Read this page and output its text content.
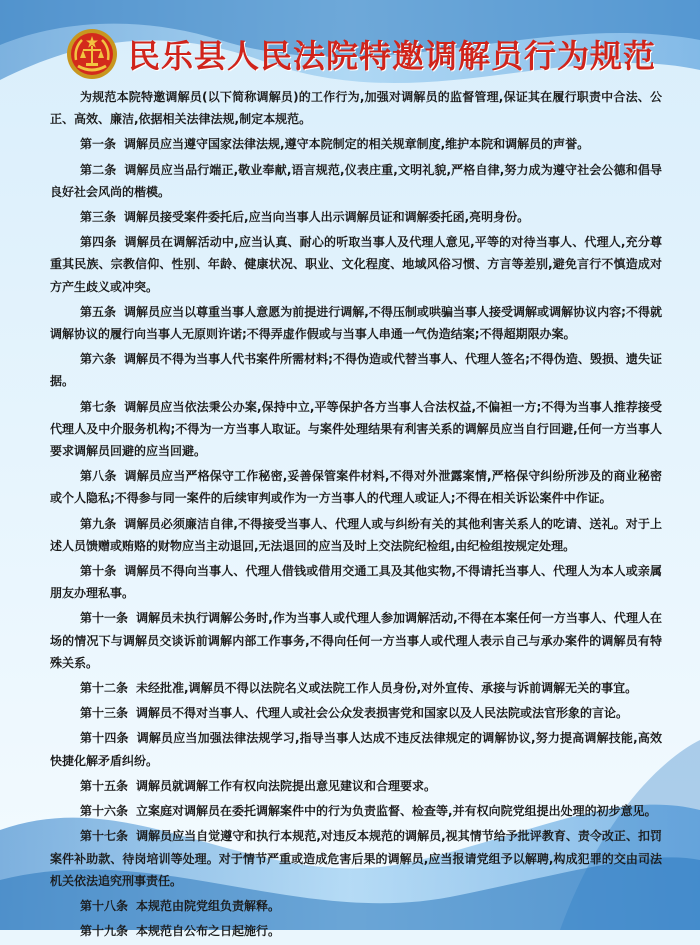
民乐县人民法院特邀调解员行为规范

为规范本院特邀调解员(以下简称调解员)的工作行为,加强对调解员的监督管理,保证其在履行职责中合法、公正、高效、廉洁,依据相关法律法规,制定本规范。

第一条 调解员应当遵守国家法律法规,遵守本院制定的相关规章制度,维护本院和调解员的声誉。

第二条 调解员应当品行端正,敬业奉献,语言规范,仪表庄重,文明礼貌,严格自律,努力成为遵守社会公德和倡导良好社会风尚的楷模。

第三条 调解员接受案件委托后,应当向当事人出示调解员证和调解委托函,亮明身份。

第四条 调解员在调解活动中,应当认真、耐心的听取当事人及代理人意见,平等的对待当事人、代理人,充分尊重其民族、宗教信仰、性别、年龄、健康状况、职业、文化程度、地域风俗习惯、方言等差别,避免言行不慎造成对方产生歧义或冲突。

第五条 调解员应当以尊重当事人意愿为前提进行调解,不得压制或哄骗当事人接受调解或调解协议内容;不得就调解协议的履行向当事人无原则许诺;不得弄虚作假或与当事人串通一气伪造结案;不得超期限办案。

第六条 调解员不得为当事人代书案件所需材料;不得伪造或代替当事人、代理人签名;不得伪造、毁损、遗失证据。

第七条 调解员应当依法秉公办案,保持中立,平等保护各方当事人合法权益,不偏袒一方;不得为当事人推荐接受代理人及中介服务机构;不得为一方当事人取证。与案件处理结果有利害关系的调解员应当自行回避,任何一方当事人要求调解员回避的应当回避。

第八条 调解员应当严格保守工作秘密,妥善保管案件材料,不得对外泄露案情,严格保守纠纷所涉及的商业秘密或个人隐私;不得参与同一案件的后续审判或作为一方当事人的代理人或证人;不得在相关诉讼案件中作证。

第九条 调解员必须廉洁自律,不得接受当事人、代理人或与纠纷有关的其他利害关系人的吃请、送礼。对于上述人员馈赠或贿赂的财物应当主动退回,无法退回的应当及时上交法院纪检组,由纪检组按规定处理。

第十条 调解员不得向当事人、代理人借钱或借用交通工具及其他实物,不得请托当事人、代理人为本人或亲属朋友办理私事。

第十一条 调解员未执行调解公务时,作为当事人或代理人参加调解活动,不得在本案任何一方当事人、代理人在场的情况下与调解员交谈诉前调解内部工作事务,不得向任何一方当事人或代理人表示自己与承办案件的调解员有特殊关系。

第十二条 未经批准,调解员不得以法院名义或法院工作人员身份,对外宣传、承接与诉前调解无关的事宜。

第十三条 调解员不得对当事人、代理人或社会公众发表损害党和国家以及人民法院或法官形象的言论。

第十四条 调解员应当加强法律法规学习,指导当事人达成不违反法律规定的调解协议,努力提高调解技能,高效快捷化解矛盾纠纷。

第十五条 调解员就调解工作有权向法院提出意见建议和合理要求。

第十六条 立案庭对调解员在委托调解案件中的行为负责监督、检查等,并有权向院党组提出处理的初步意见。

第十七条 调解员应当自觉遵守和执行本规范,对违反本规范的调解员,视其情节给予批评教育、责令改正、扣罚案件补助款、待岗培训等处理。对于情节严重或造成危害后果的调解员,应当报请党组予以解聘,构成犯罪的交由司法机关依法追究刑事责任。

第十八条 本规范由院党组负责解释。

第十九条 本规范自公布之日起施行。
